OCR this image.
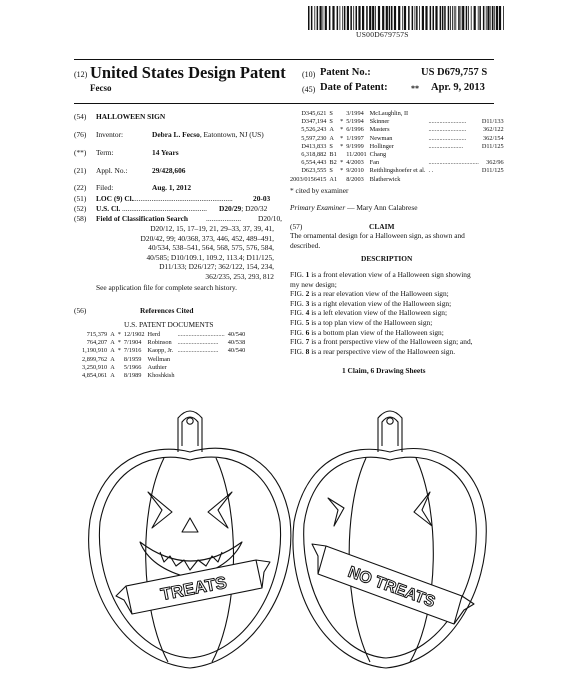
US00D679757S
(12) United States Design Patent
Fecso
(10) Patent No.:	US D679,757 S
(45) Date of Patent:	** Apr. 9, 2013
(54) HALLOWEEN SIGN
(76) Inventor:	Debra L. Fecso, Eatontown, NJ (US)
(**) Term:	14 Years
(21) Appl. No.:	29/428,606
(22) Filed:	Aug. 1, 2012
(51) LOC (9) Cl. ......................................................	20-03
(52) U.S. Cl. ..............................................	D20/29; D20/32
(58) Field of Classification Search ...................	D20/10,
D20/12, 15, 17–19, 21, 29–33, 37, 39, 41,
D20/42, 99; 40/368, 373, 446, 452, 489–491,
40/534, 538–541, 564, 568, 575, 576, 584,
40/585; D10/109.1, 109.2, 113.4; D11/125,
D11/133; D26/127; 362/122, 154, 234,
362/235, 253, 293, 812
See application file for complete search history.
(56)	References Cited
U.S. PATENT DOCUMENTS
715,379	A	*	12/1902	Herd	..............................	40/540
764,207	A	*	7/1904	Robinson	..........................	40/538
1,190,910	A	*	7/1916	Kaopp, Jr.	..........................	40/540
2,899,762	A		8/1959	Wellman		
3,250,910	A		5/1966	Authier		
4,854,061	A		8/1989	Khoshkish		
D345,621	S		3/1994	McLaughlin, II		
D347,194	S	*	5/1994	Skinner	........................	D11/133
5,526,243	A	*	6/1996	Masters	........................	362/122
5,597,230	A	*	1/1997	Newman	........................	362/154
D413,833	S	*	9/1999	Hollinger	......................	D11/125
6,318,882	B1		11/2001	Chang		
6,554,443	B2	*	4/2003	Fan	................................	362/96
D623,555	S	*	9/2010	Reithlingshoefer et al.	. .	D11/125
2003/0156415	A1		8/2003	Blatherwick		
* cited by examiner
Primary Examiner — Mary Ann Calabrese
(57)	CLAIM
The ornamental design for a Halloween sign, as shown and described.
DESCRIPTION
FIG. 1 is a front elevation view of a Halloween sign showing
my new design;
FIG. 2 is a rear elevation view of the Halloween sign;
FIG. 3 is a right elevation view of the Halloween sign;
FIG. 4 is a left elevation view of the Halloween sign;
FIG. 5 is a top plan view of the Halloween sign;
FIG. 6 is a bottom plan view of the Halloween sign;
FIG. 7 is a front perspective view of the Halloween sign; and,
FIG. 8 is a rear perspective view of the Halloween sign.
1 Claim, 6 Drawing Sheets
TREATS	NO TREATS
